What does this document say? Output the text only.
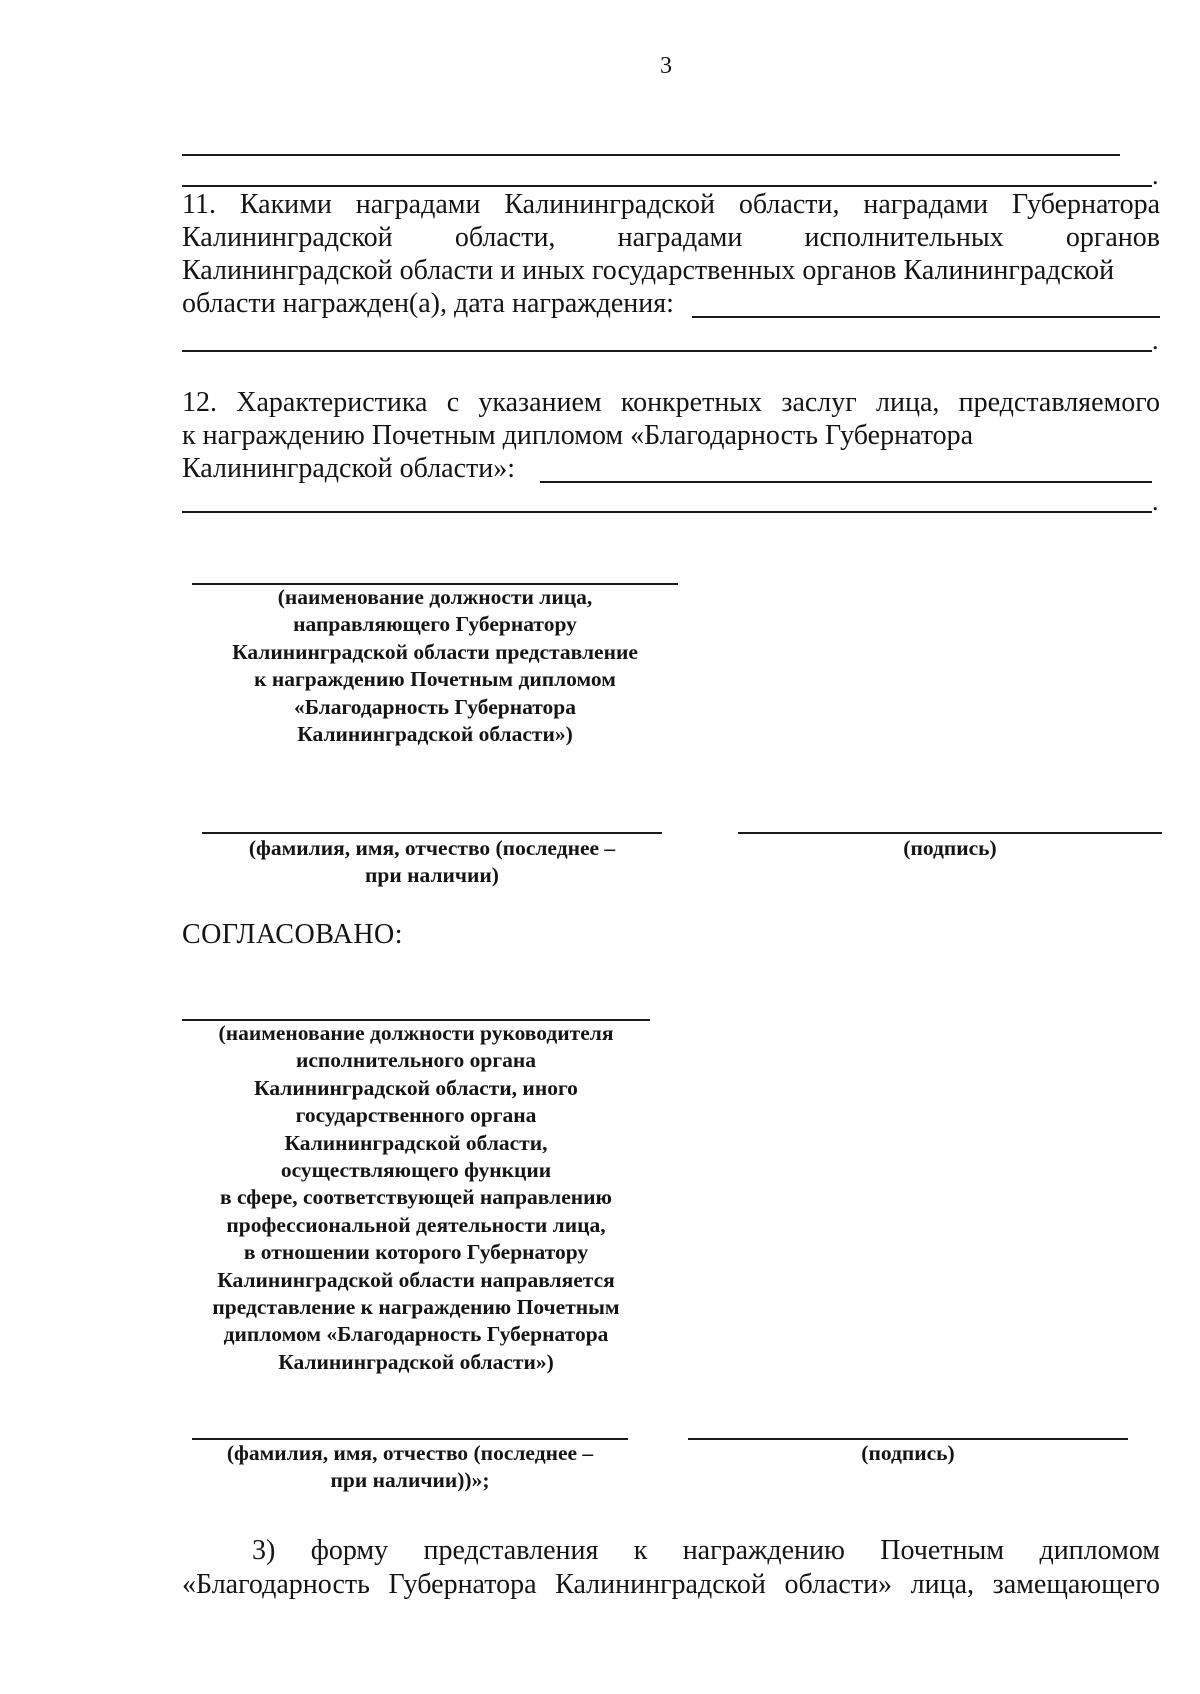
3
.
11. Какими наградами Калининградской области, наградами Губернатора Калининградской области, наградами исполнительных органов
Калининградской области и иных государственных органов Калининградской
области награжден(а), дата награждения:
.
12. Характеристика с указанием конкретных заслуг лица, представляемого
к награждению Почетным дипломом «Благодарность Губернатора
Калининградской области»:
.
(наименование должности лица,
направляющего Губернатору
Калининградской области представление
к награждению Почетным дипломом
«Благодарность Губернатора
Калининградской области»)
(фамилия, имя, отчество (последнее –
при наличии)
(подпись)
СОГЛАСОВАНО:
(наименование должности руководителя
исполнительного органа
Калининградской области, иного
государственного органа
Калининградской области,
осуществляющего функции
в сфере, соответствующей направлению
профессиональной деятельности лица,
в отношении которого Губернатору
Калининградской области направляется
представление к награждению Почетным
дипломом «Благодарность Губернатора
Калининградской области»)
(фамилия, имя, отчество (последнее –
при наличии))»;
(подпись)
3) форму представления к награждению Почетным дипломом
«Благодарность Губернатора Калининградской области» лица, замещающего
